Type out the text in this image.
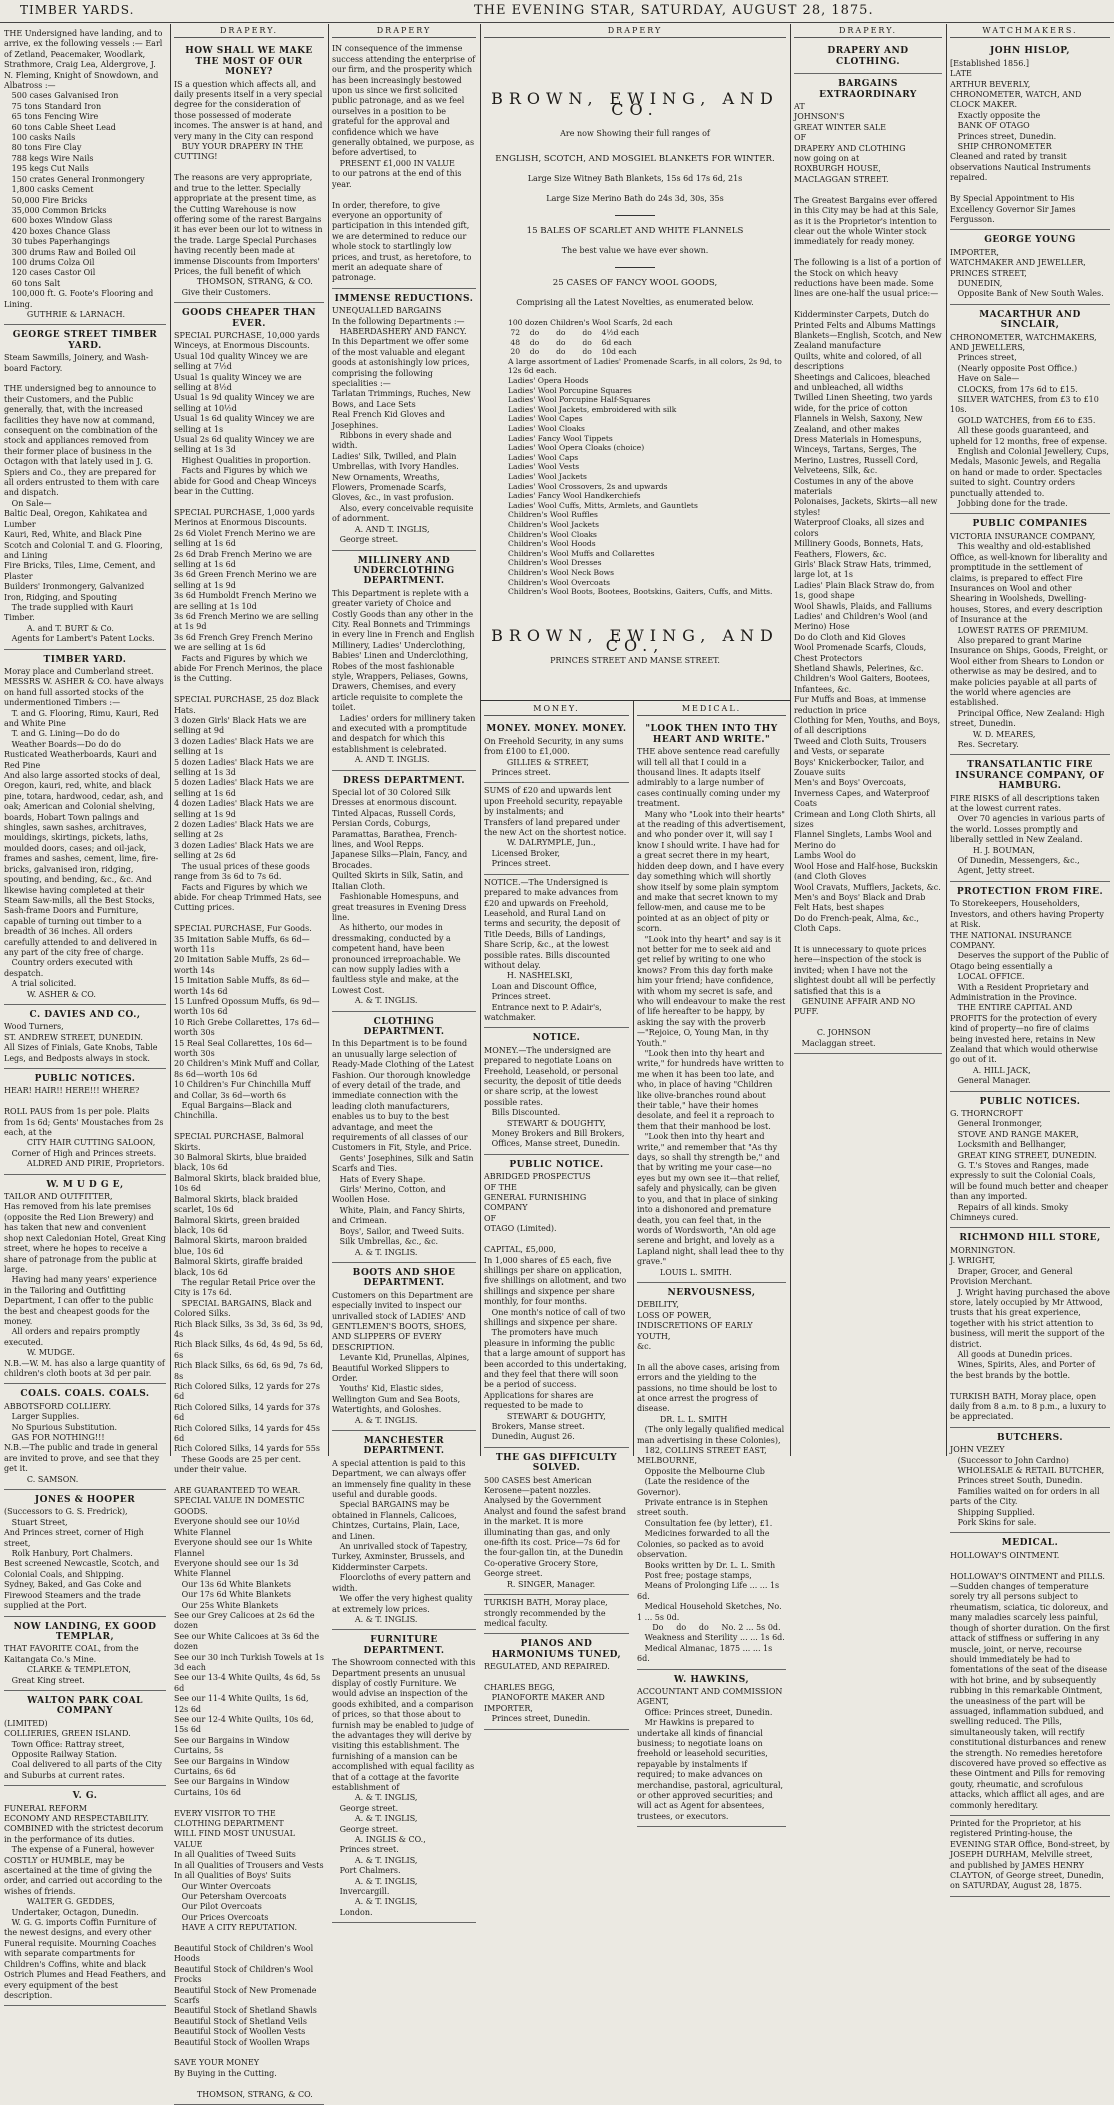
TIMBER YARDS.	THE EVENING STAR, SATURDAY, AUGUST 28, 1875.
THE Undersigned have landing, and to arrive, ex the following vessels :— Earl of Zetland, Peacemaker, Woodlark, Strathmore, Craig Lea, Aldergrove, J. N. Fleming, Knight of Snowdown, and Albatross :—
500 cases Galvanised Iron
75 tons Standard Iron
65 tons Fencing Wire
60 tons Cable Sheet Lead
100 casks Nails
80 tons Fire Clay
788 kegs Wire Nails
195 kegs Cut Nails
150 crates General Ironmongery
1,800 casks Cement
50,000 Fire Bricks
35,000 Common Bricks
600 boxes Window Glass
420 boxes Chance Glass
30 tubes Paperhangings
300 drums Raw and Boiled Oil
100 drums Colza Oil
120 cases Castor Oil
60 tons Salt
100,000 ft. G. Foote's Flooring and Lining.
GUTHRIE & LARNACH.
GEORGE STREET TIMBER YARD.
Steam Sawmills, Joinery, and Wash-board Factory.

THE undersigned beg to announce to their Customers, and the Public generally, that, with the increased facilities they have now at command, consequent on the combination of the stock and appliances removed from their former place of business in the Octagon with that lately used in J. G. Spiers and Co., they are prepared for all orders entrusted to them with care and dispatch.
On Sale—
Baltic Deal, Oregon, Kahikatea and Lumber
Kauri, Red, White, and Black Pine
Scotch and Colonial T. and G. Flooring, and Lining
Fire Bricks, Tiles, Lime, Cement, and Plaster
Builders' Ironmongery, Galvanized Iron, Ridging, and Spouting
The trade supplied with Kauri Timber.
A. and T. BURT & Co.
Agents for Lambert's Patent Locks.
TIMBER YARD.
Moray place and Cumberland street.
MESSRS W. ASHER & CO. have always on hand full assorted stocks of the undermentioned Timbers :—
T. and G. Flooring, Rimu, Kauri, Red and White Pine
T. and G. Lining—Do do do
Weather Boards—Do do do
Rusticated Weatherboards, Kauri and Red Pine
And also large assorted stocks of deal, Oregon, kauri, red, white, and black pine, totara, hardwood, cedar, ash, and oak; American and Colonial shelving, boards, Hobart Town palings and shingles, sawn sashes, architraves, mouldings, skirtings, pickets, laths, moulded doors, cases; and oil-jack, frames and sashes, cement, lime, fire-bricks, galvanised iron, ridging, spouting, and bending, &c., &c. And likewise having completed at their Steam Saw-mills, all the Best Stocks, Sash-frame Doors and Furniture, capable of turning out timber to a breadth of 36 inches. All orders carefully attended to and delivered in any part of the city free of charge.
Country orders executed with despatch.
A trial solicited.
W. ASHER & CO.
C. DAVIES AND CO.,
Wood Turners,
ST. ANDREW STREET, DUNEDIN.
All Sizes of Finials, Gate Knobs, Table Legs, and Bedposts always in stock.
PUBLIC NOTICES.
HEAR! HAIR!! HERE!!! WHERE?

ROLL PAUS from 1s per pole. Plaits from 1s 6d; Gents' Moustaches from 2s each, at the
CITY HAIR CUTTING SALOON,
Corner of High and Princes streets.
ALDRED AND PIRIE, Proprietors.
W. M U D G E,
TAILOR AND OUTFITTER,
Has removed from his late premises (opposite the Red Lion Brewery) and has taken that new and convenient shop next Caledonian Hotel, Great King street, where he hopes to receive a share of patronage from the public at large.
Having had many years' experience in the Tailoring and Outfitting Department, I can offer to the public the best and cheapest goods for the money.
All orders and repairs promptly executed.
W. MUDGE.
N.B.—W. M. has also a large quantity of children's cloth boots at 3d per pair.
COALS. COALS. COALS.
ABBOTSFORD COLLIERY.
Larger Supplies.
No Spurious Substitution.
GAS FOR NOTHING!!!
N.B.—The public and trade in general are invited to prove, and see that they get it.
C. SAMSON.
JONES & HOOPER
(Successors to G. S. Fredrick),
Stuart Street,
And Princes street, corner of High street,
Rolk Hanbury, Port Chalmers.
Best screened Newcastle, Scotch, and Colonial Coals, and Shipping.
Sydney, Baked, and Gas Coke and Firewood Steamers and the trade supplied at the Port.
NOW LANDING, EX GOOD TEMPLAR,
THAT FAVORITE COAL, from the Kaitangata Co.'s Mine.
CLARKE & TEMPLETON,
Great King street.
WALTON PARK COAL COMPANY
(LIMITED)
COLLIERIES, GREEN ISLAND.
Town Office: Rattray street,
Opposite Railway Station.
Coal delivered to all parts of the City and Suburbs at current rates.
V. G.
FUNERAL REFORM
ECONOMY AND RESPECTABILITY.
COMBINED with the strictest decorum in the performance of its duties.
The expense of a Funeral, however COSTLY or HUMBLE, may be ascertained at the time of giving the order, and carried out according to the wishes of friends.
WALTER G. GEDDES,
Undertaker, Octagon, Dunedin.
W. G. G. imports Coffin Furniture of the newest designs, and every other Funeral requisite. Mourning Coaches with separate compartments for Children's Coffins, white and black Ostrich Plumes and Head Feathers, and every equipment of the best description.
DRAPERY.
HOW SHALL WE MAKE THE MOST OF OUR MONEY?
IS a question which affects all, and daily presents itself in a very special degree for the consideration of those possessed of moderate incomes. The answer is at hand, and very many in the City can respond
BUY YOUR DRAPERY IN THE CUTTING!

The reasons are very appropriate, and true to the letter. Specially appropriate at the present time, as the Cutting Warehouse is now offering some of the rarest Bargains it has ever been our lot to witness in the trade. Large Special Purchases having recently been made at immense Discounts from Importers' Prices, the full benefit of which
THOMSON, STRANG, & CO.
Give their Customers.
GOODS CHEAPER THAN EVER.
SPECIAL PURCHASE, 10,000 yards Winceys, at Enormous Discounts.
Usual 10d quality Wincey we are selling at 7½d
Usual 1s quality Wincey we are selling at 8½d
Usual 1s 9d quality Wincey we are selling at 10½d
Usual 1s 6d quality Wincey we are selling at 1s
Usual 2s 6d quality Wincey we are selling at 1s 3d
Highest Qualities in proportion.
Facts and Figures by which we abide for Good and Cheap Winceys bear in the Cutting.

SPECIAL PURCHASE, 1,000 yards Merinos at Enormous Discounts.
2s 6d Violet French Merino we are selling at 1s 6d
2s 6d Drab French Merino we are selling at 1s 6d
3s 6d Green French Merino we are selling at 1s 9d
3s 6d Humboldt French Merino we are selling at 1s 10d
3s 6d French Merino we are selling at 1s 9d
3s 6d French Grey French Merino we are selling at 1s 6d
Facts and Figures by which we abide For French Merinos, the place is the Cutting.

SPECIAL PURCHASE, 25 doz Black Hats.
3 dozen Girls' Black Hats we are selling at 9d
3 dozen Ladies' Black Hats we are selling at 1s
5 dozen Ladies' Black Hats we are selling at 1s 3d
5 dozen Ladies' Black Hats we are selling at 1s 6d
4 dozen Ladies' Black Hats we are selling at 1s 9d
2 dozen Ladies' Black Hats we are selling at 2s
3 dozen Ladies' Black Hats we are selling at 2s 6d
The usual prices of these goods range from 3s 6d to 7s 6d.
Facts and Figures by which we abide. For cheap Trimmed Hats, see Cutting prices.

SPECIAL PURCHASE, Fur Goods.
35 Imitation Sable Muffs, 6s 6d—worth 11s
20 Imitation Sable Muffs, 2s 6d—worth 14s
15 Imitation Sable Muffs, 8s 6d—worth 14s 6d
15 Lunfred Opossum Muffs, 6s 9d—worth 10s 6d
10 Rich Grebe Collarettes, 17s 6d—worth 30s
15 Real Seal Collarettes, 10s 6d—worth 30s
20 Children's Mink Muff and Collar, 8s 6d—worth 10s 6d
10 Children's Fur Chinchilla Muff and Collar, 3s 6d—worth 6s
Equal Bargains—Black and Chinchilla.

SPECIAL PURCHASE, Balmoral Skirts.
30 Balmoral Skirts, blue braided black, 10s 6d
Balmoral Skirts, black braided blue, 10s 6d
Balmoral Skirts, black braided scarlet, 10s 6d
Balmoral Skirts, green braided black, 10s 6d
Balmoral Skirts, maroon braided blue, 10s 6d
Balmoral Skirts, giraffe braided black, 10s 6d
The regular Retail Price over the City is 17s 6d.
SPECIAL BARGAINS, Black and Colored Silks.
Rich Black Silks, 3s 3d, 3s 6d, 3s 9d, 4s
Rich Black Silks, 4s 6d, 4s 9d, 5s 6d, 6s
Rich Black Silks, 6s 6d, 6s 9d, 7s 6d, 8s
Rich Colored Silks, 12 yards for 27s 6d
Rich Colored Silks, 14 yards for 37s 6d
Rich Colored Silks, 14 yards for 45s 6d
Rich Colored Silks, 14 yards for 55s
These Goods are 25 per cent. under their value.

ARE GUARANTEED TO WEAR.
SPECIAL VALUE IN DOMESTIC GOODS.
Everyone should see our 10½d White Flannel
Everyone should see our 1s White Flannel
Everyone should see our 1s 3d White Flannel
Our 13s 6d White Blankets
Our 17s 6d White Blankets
Our 25s White Blankets
See our Grey Calicoes at 2s 6d the dozen
See our White Calicoes at 3s 6d the dozen
See our 30 inch Turkish Towels at 1s 3d each
See our 13-4 White Quilts, 4s 6d, 5s 6d
See our 11-4 White Quilts, 1s 6d, 12s 6d
See our 12-4 White Quilts, 10s 6d, 15s 6d
See our Bargains in Window Curtains, 5s
See our Bargains in Window Curtains, 6s 6d
See our Bargains in Window Curtains, 10s 6d

EVERY VISITOR TO THE CLOTHING DEPARTMENT
WILL FIND MOST UNUSUAL VALUE
In all Qualities of Tweed Suits
In all Qualities of Trousers and Vests
In all Qualities of Boys' Suits
Our Winter Overcoats
Our Petersham Overcoats
Our Pilot Overcoats
Our Prices Overcoats
HAVE A CITY REPUTATION.

Beautiful Stock of Children's Wool Hoods
Beautiful Stock of Children's Wool Frocks
Beautiful Stock of New Promenade Scarfs
Beautiful Stock of Shetland Shawls
Beautiful Stock of Shetland Veils
Beautiful Stock of Woollen Vests
Beautiful Stock of Woollen Wraps

SAVE YOUR MONEY
By Buying in the Cutting.

THOMSON, STRANG, & CO.
DRAPERY
IN consequence of the immense success attending the enterprise of our firm, and the prosperity which has been increasingly bestowed upon us since we first solicited public patronage, and as we feel ourselves in a position to be grateful for the approval and confidence which we have generally obtained, we purpose, as before advertised, to
PRESENT £1,000 IN VALUE
to our patrons at the end of this year.

In order, therefore, to give everyone an opportunity of participation in this intended gift, we are determined to reduce our whole stock to startlingly low prices, and trust, as heretofore, to merit an adequate share of patronage.
IMMENSE REDUCTIONS.
UNEQUALLED BARGAINS
In the following Departments :—
HABERDASHERY AND FANCY.
In this Department we offer some of the most valuable and elegant goods at astonishingly low prices, comprising the following specialities :—
Tarlatan Trimmings, Ruches, New Bows, and Lace Sets
Real French Kid Gloves and Josephines.
Ribbons in every shade and width.
Ladies' Silk, Twilled, and Plain Umbrellas, with Ivory Handles.
New Ornaments, Wreaths, Flowers, Promenade Scarfs, Gloves, &c., in vast profusion.
Also, every conceivable requisite of adornment.
A. AND T. INGLIS,
George street.
MILLINERY AND UNDERCLOTHING DEPARTMENT.
This Department is replete with a greater variety of Choice and Costly Goods than any other in the City. Real Bonnets and Trimmings in every line in French and English Millinery, Ladies' Underclothing, Babies' Linen and Underclothing, Robes of the most fashionable style, Wrappers, Peliases, Gowns, Drawers, Chemises, and every article requisite to complete the toilet.
Ladies' orders for millinery taken and executed with a promptitude and despatch for which this establishment is celebrated.
A. AND T. INGLIS.
DRESS DEPARTMENT.
Special lot of 30 Colored Silk Dresses at enormous discount.
Tinted Alpacas, Russell Cords, Persian Cords, Coburgs, Paramattas, Barathea, French-lines, and Wool Repps.
Japanese Silks—Plain, Fancy, and Brocades.
Quilted Skirts in Silk, Satin, and Italian Cloth.
Fashionable Homespuns, and great treasures in Evening Dress line.
As hitherto, our modes in dressmaking, conducted by a competent hand, have been pronounced irreproachable. We can now supply ladies with a faultless style and make, at the Lowest Cost.
A. & T. INGLIS.
CLOTHING DEPARTMENT.
In this Department is to be found an unusually large selection of Ready-Made Clothing of the Latest Fashion. Our thorough knowledge of every detail of the trade, and immediate connection with the leading cloth manufacturers, enables us to buy to the best advantage, and meet the requirements of all classes of our Customers in Fit, Style, and Price.
Gents' Josephines, Silk and Satin Scarfs and Ties.
Hats of Every Shape.
Girls' Merino, Cotton, and Woollen Hose.
White, Plain, and Fancy Shirts, and Crimean.
Boys', Sailor, and Tweed Suits.
Silk Umbrellas, &c., &c.
A. & T. INGLIS.
BOOTS AND SHOE DEPARTMENT.
Customers on this Department are especially invited to inspect our unrivalled stock of LADIES' AND GENTLEMEN'S BOOTS, SHOES, AND SLIPPERS OF EVERY DESCRIPTION.
Levante Kid, Prunellas, Alpines, Beautiful Worked Slippers to Order.
Youths' Kid, Elastic sides, Wellington Gum and Sea Boots, Watertights, and Goloshes.
A. & T. INGLIS.
MANCHESTER DEPARTMENT.
A special attention is paid to this Department, we can always offer an immensely fine quality in these useful and durable goods.
Special BARGAINS may be obtained in Flannels, Calicoes, Chintzes, Curtains, Plain, Lace, and Linen.
An unrivalled stock of Tapestry, Turkey, Axminster, Brussels, and Kidderminster Carpets.
Floorcloths of every pattern and width.
We offer the very highest quality at extremely low prices.
A. & T. INGLIS.
FURNITURE DEPARTMENT.
The Showroom connected with this Department presents an unusual display of costly Furniture. We would advise an inspection of the goods exhibited, and a comparison of prices, so that those about to furnish may be enabled to judge of the advantages they will derive by visiting this establishment. The furnishing of a mansion can be accomplished with equal facility as that of a cottage at the favorite establishment of
A. & T. INGLIS,
George street.
A. & T. INGLIS,
George street.
A. INGLIS & CO.,
Princes street.
A. & T. INGLIS,
Port Chalmers.
A. & T. INGLIS,
Invercargill.
A. & T. INGLIS,
London.
DRAPERY
BROWN, EWING, AND CO.
Are now Showing their full ranges of
ENGLISH, SCOTCH, AND MOSGIEL BLANKETS FOR WINTER.
Large Size Witney Bath Blankets, 15s 6d 17s 6d, 21s
Large Size Merino Bath do 24s 3d, 30s, 35s
15 BALES OF SCARLET AND WHITE FLANNELS
The best value we have ever shown.
25 CASES OF FANCY WOOL GOODS,
Comprising all the Latest Novelties, as enumerated below.
100 dozen Children's Wool Scarfs, 2d each
72    do       do       do    4½d each
48    do       do       do    6d each
20    do       do       do    10d each
A large assortment of Ladies' Promenade Scarfs, in all colors, 2s 9d, to 12s 6d each.
Ladies' Opera Hoods
Ladies' Wool Porcupine Squares
Ladies' Wool Porcupine Half-Squares
Ladies' Wool Jackets, embroidered with silk
Ladies' Wool Capes
Ladies' Wool Cloaks
Ladies' Fancy Wool Tippets
Ladies' Wool Opera Cloaks (choice)
Ladies' Wool Caps
Ladies' Wool Vests
Ladies' Wool Jackets
Ladies' Wool Crossovers, 2s and upwards
Ladies' Fancy Wool Handkerchiefs
Ladies' Wool Cuffs, Mitts, Armlets, and Gauntlets
Children's Wool Ruffles
Children's Wool Jackets
Children's Wool Cloaks
Children's Wool Hoods
Children's Wool Muffs and Collarettes
Children's Wool Dresses
Children's Wool Neck Bows
Children's Wool Overcoats
Children's Wool Boots, Bootees, Bootskins, Gaiters, Cuffs, and Mitts.
BROWN, EWING, AND CO.,
PRINCES STREET AND MANSE STREET.
MONEY.
MONEY. MONEY. MONEY.
On Freehold Security, in any sums from £100 to £1,000.
GILLIES & STREET,
Princes street.
SUMS of £20 and upwards lent upon Freehold security, repayable by instalments; and
Transfers of land prepared under the new Act on the shortest notice.
W. DALRYMPLE, Jun.,
Licensed Broker,
Princes street.
NOTICE.—The Undersigned is prepared to make advances from £20 and upwards on Freehold, Leasehold, and Rural Land on terms and security, the deposit of Title Deeds, Bills of Landings, Share Scrip, &c., at the lowest possible rates. Bills discounted without delay.
H. NASHELSKI,
Loan and Discount Office,
Princes street.
Entrance next to P. Adair's, watchmaker.
NOTICE.
MONEY.—The undersigned are prepared to negotiate Loans on Freehold, Leasehold, or personal security, the deposit of title deeds or share scrip, at the lowest possible rates.
Bills Discounted.
STEWART & DOUGHTY,
Money Brokers and Bill Brokers,
Offices, Manse street, Dunedin.
PUBLIC NOTICE.
ABRIDGED PROSPECTUS
OF THE
GENERAL FURNISHING COMPANY
OF
OTAGO (Limited).

CAPITAL, £5,000,
In 1,000 shares of £5 each, five shillings per share on application, five shillings on allotment, and two shillings and sixpence per share monthly, for four months.
One month's notice of call of two shillings and sixpence per share.
The promoters have much pleasure in informing the public that a large amount of support has been accorded to this undertaking, and they feel that there will soon be a period of success. Applications for shares are requested to be made to
STEWART & DOUGHTY,
Brokers, Manse street.
Dunedin, August 26.
THE GAS DIFFICULTY SOLVED.
500 CASES best American Kerosene—patent nozzles. Analysed by the Government Analyst and found the safest brand in the market. It is more illuminating than gas, and only one-fifth its cost. Price—7s 6d for the four-gallon tin, at the Dunedin Co-operative Grocery Store, George street.
R. SINGER, Manager.
TURKISH BATH, Moray place, strongly recommended by the medical faculty.
PIANOS AND HARMONIUMS TUNED,
REGULATED, AND REPAIRED.

CHARLES BEGG,
PIANOFORTE MAKER AND IMPORTER,
Princes street, Dunedin.
MEDICAL.
"LOOK THEN INTO THY HEART AND WRITE."
THE above sentence read carefully will tell all that I could in a thousand lines. It adapts itself admirably to a large number of cases continually coming under my treatment.
Many who "Look into their hearts" at the reading of this advertisement, and who ponder over it, will say I know I should write. I have had for a great secret there in my heart, hidden deep down, and I have every day something which will shortly show itself by some plain symptom and make that secret known to my fellow-men, and cause me to be pointed at as an object of pity or scorn.
"Look into thy heart" and say is it not better for me to seek aid and get relief by writing to one who knows? From this day forth make him your friend; have confidence, with whom my secret is safe, and who will endeavour to make the rest of life hereafter to be happy, by asking the say with the proverb—"Rejoice, O, Young Man, in thy Youth."
"Look then into thy heart and write," for hundreds have written to me when it has been too late, and who, in place of having "Children like olive-branches round about their table," have their homes desolate, and feel it a reproach to them that their manhood be lost.
"Look then into thy heart and write," and remember that "As thy days, so shall thy strength be," and that by writing me your case—no eyes but my own see it—that relief, safely and physically, can be given to you, and that in place of sinking into a dishonored and premature death, you can feel that, in the words of Wordsworth, "An old age serene and bright, and lovely as a Lapland night, shall lead thee to thy grave."
LOUIS L. SMITH.
NERVOUSNESS,
DEBILITY,
LOSS OF POWER,
INDISCRETIONS OF EARLY YOUTH,
&c.

In all the above cases, arising from errors and the yielding to the passions, no time should be lost to at once arrest the progress of disease.
DR. L. L. SMITH
(The only legally qualified medical man advertising in these Colonies),
182, COLLINS STREET EAST, MELBOURNE,
Opposite the Melbourne Club
(Late the residence of the Governor).
Private entrance is in Stephen street south.
Consultation fee (by letter), £1.
Medicines forwarded to all the Colonies, so packed as to avoid observation.
Books written by Dr. L. L. Smith
Post free; postage stamps,
Means of Prolonging Life ... ... 1s 6d.
Medical Household Sketches, No. 1 ... 5s 0d.
Do     do     do     No. 2 ... 5s 0d.
Weakness and Sterility ... ... 1s 6d.
Medical Almanac, 1875 ... ... 1s 6d.
W. HAWKINS,
ACCOUNTANT AND COMMISSION AGENT,
Office: Princes street, Dunedin.
Mr Hawkins is prepared to undertake all kinds of financial business; to negotiate loans on freehold or leasehold securities, repayable by instalments if required; to make advances on merchandise, pastoral, agricultural, or other approved securities; and will act as Agent for absentees, trustees, or executors.
DRAPERY.
DRAPERY AND CLOTHING.
BARGAINS EXTRAORDINARY
AT
JOHNSON'S
GREAT WINTER SALE
OF
DRAPERY AND CLOTHING
now going on at
ROXBURGH HOUSE,
MACLAGGAN STREET.

The Greatest Bargains ever offered in this City may be had at this Sale, as it is the Proprietor's intention to clear out the whole Winter stock immediately for ready money.

The following is a list of a portion of the Stock on which heavy reductions have been made. Some lines are one-half the usual price:—

Kidderminster Carpets, Dutch do
Printed Felts and Albums Mattings
Blankets—English, Scotch, and New Zealand manufacture
Quilts, white and colored, of all descriptions
Sheetings and Calicoes, bleached and unbleached, all widths
Twilled Linen Sheeting, two yards wide, for the price of cotton
Flannels in Welsh, Saxony, New Zealand, and other makes
Dress Materials in Homespuns, Winceys, Tartans, Serges, The Merino, Lustres, Russell Cord, Velveteens, Silk, &c.
Costumes in any of the above materials
Polonaises, Jackets, Skirts—all new styles!
Waterproof Cloaks, all sizes and colors
Millinery Goods, Bonnets, Hats, Feathers, Flowers, &c.
Girls' Black Straw Hats, trimmed, large lot, at 1s
Ladies' Plain Black Straw do, from 1s, good shape
Wool Shawls, Plaids, and Falliums
Ladies' and Children's Wool (and Merino) Hose
Do do Cloth and Kid Gloves
Wool Promenade Scarfs, Clouds, Chest Protectors
Shetland Shawls, Pelerines, &c.
Children's Wool Gaiters, Bootees, Infantees, &c.
Fur Muffs and Boas, at immense reduction in price
Clothing for Men, Youths, and Boys, of all descriptions
Tweed and Cloth Suits, Trousers and Vests, or separate
Boys' Knickerbocker, Tailor, and Zouave suits
Men's and Boys' Overcoats, Inverness Capes, and Waterproof Coats
Crimean and Long Cloth Shirts, all sizes
Flannel Singlets, Lambs Wool and Merino do
Lambs Wool do
Wool Hose and Half-hose, Buckskin (and Cloth Gloves
Wool Cravats, Mufflers, Jackets, &c.
Men's and Boys' Black and Drab Felt Hats, best shapes
Do do French-peak, Alma, &c., Cloth Caps.

It is unnecessary to quote prices here—inspection of the stock is invited; when I have not the slightest doubt all will be perfectly satisfied that this is a
GENUINE AFFAIR AND NO PUFF.

C. JOHNSON
Maclaggan street.
WATCHMAKERS.
JOHN HISLOP,
[Established 1856.]
LATE
ARTHUR BEVERLY,
CHRONOMETER, WATCH, AND CLOCK MAKER.
Exactly opposite the
BANK OF OTAGO
Princes street, Dunedin.
SHIP CHRONOMETER
Cleaned and rated by transit observations Nautical Instruments repaired.

By Special Appointment to His Excellency Governor Sir James Fergusson.
GEORGE YOUNG
IMPORTER,
WATCHMAKER AND JEWELLER,
PRINCES STREET,
DUNEDIN,
Opposite Bank of New South Wales.
MACARTHUR AND SINCLAIR,
CHRONOMETER, WATCHMAKERS, AND JEWELLERS,
Princes street,
(Nearly opposite Post Office.)
Have on Sale—
CLOCKS, from 17s 6d to £15.
SILVER WATCHES, from £3 to £10 10s.
GOLD WATCHES, from £6 to £35.
All these goods guaranteed, and upheld for 12 months, free of expense.
English and Colonial Jewellery, Cups, Medals, Masonic Jewels, and Regalia on hand or made to order. Spectacles suited to sight. Country orders punctually attended to.
Jobbing done for the trade.
PUBLIC COMPANIES
VICTORIA INSURANCE COMPANY,
This wealthy and old-established Office, as well-known for liberality and promptitude in the settlement of claims, is prepared to effect Fire Insurances on Wool and other Shearing in Woolsheds, Dwelling-houses, Stores, and every description of Insurance at the
LOWEST RATES OF PREMIUM.
Also prepared to grant Marine Insurance on Ships, Goods, Freight, or Wool either from Shears to London or otherwise as may be desired, and to make policies payable at all parts of the world where agencies are established.
Principal Office, New Zealand: High street, Dunedin.
W. D. MEARES,
Res. Secretary.
TRANSATLANTIC FIRE INSURANCE COMPANY, OF HAMBURG.
FIRE RISKS of all descriptions taken at the lowest current rates.
Over 70 agencies in various parts of the world. Losses promptly and liberally settled in New Zealand.
H. J. BOUMAN,
Of Dunedin, Messengers, &c.,
Agent, Jetty street.
PROTECTION FROM FIRE.
To Storekeepers, Householders, Investors, and others having Property at Risk.
THE NATIONAL INSURANCE COMPANY.
Deserves the support of the Public of Otago being essentially a
LOCAL OFFICE.
With a Resident Proprietary and Administration in the Province.
THE ENTIRE CAPITAL AND PROFITS for the protection of every kind of property—no fire of claims being invested here, retains in New Zealand that which would otherwise go out of it.
A. HILL JACK,
General Manager.
PUBLIC NOTICES.
G. THORNCROFT
General Ironmonger,
STOVE AND RANGE MAKER,
Locksmith and Bellhanger,
GREAT KING STREET, DUNEDIN.
G. T.'s Stoves and Ranges, made expressly to suit the Colonial Coals, will be found much better and cheaper than any imported.
Repairs of all kinds. Smoky Chimneys cured.
RICHMOND HILL STORE,
MORNINGTON.
J. WRIGHT,
Draper, Grocer, and General Provision Merchant.
J. Wright having purchased the above store, lately occupied by Mr Attwood, trusts that his great experience, together with his strict attention to business, will merit the support of the district.
All goods at Dunedin prices.
Wines, Spirits, Ales, and Porter of the best brands by the bottle.

TURKISH BATH, Moray place, open daily from 8 a.m. to 8 p.m., a luxury to be appreciated.
BUTCHERS.
JOHN VEZEY
(Successor to John Cardno)
WHOLESALE & RETAIL BUTCHER,
Princes street South, Dunedin.
Families waited on for orders in all parts of the City.
Shipping Supplied.
Pork Skins for sale.
MEDICAL.
HOLLOWAY'S OINTMENT.

HOLLOWAY'S OINTMENT and PILLS. —Sudden changes of temperature sorely try all persons subject to rheumatism, sciatica, tic doloreux, and many maladies scarcely less painful, though of shorter duration. On the first attack of stiffness or suffering in any muscle, joint, or nerve, recourse should immediately be had to fomentations of the seat of the disease with hot brine, and by subsequently rubbing in this remarkable Ointment, the uneasiness of the part will be assuaged, inflammation subdued, and swelling reduced. The Pills, simultaneously taken, will rectify constitutional disturbances and renew the strength. No remedies heretofore discovered have proved so effective as these Ointment and Pills for removing gouty, rheumatic, and scrofulous attacks, which afflict all ages, and are commonly hereditary.
Printed for the Proprietor, at his registered Printing-house, the EVENING STAR Office, Bond-street, by JOSEPH DURHAM, Melville street, and published by JAMES HENRY CLAYTON, of George street, Dunedin, on SATURDAY, August 28, 1875.
